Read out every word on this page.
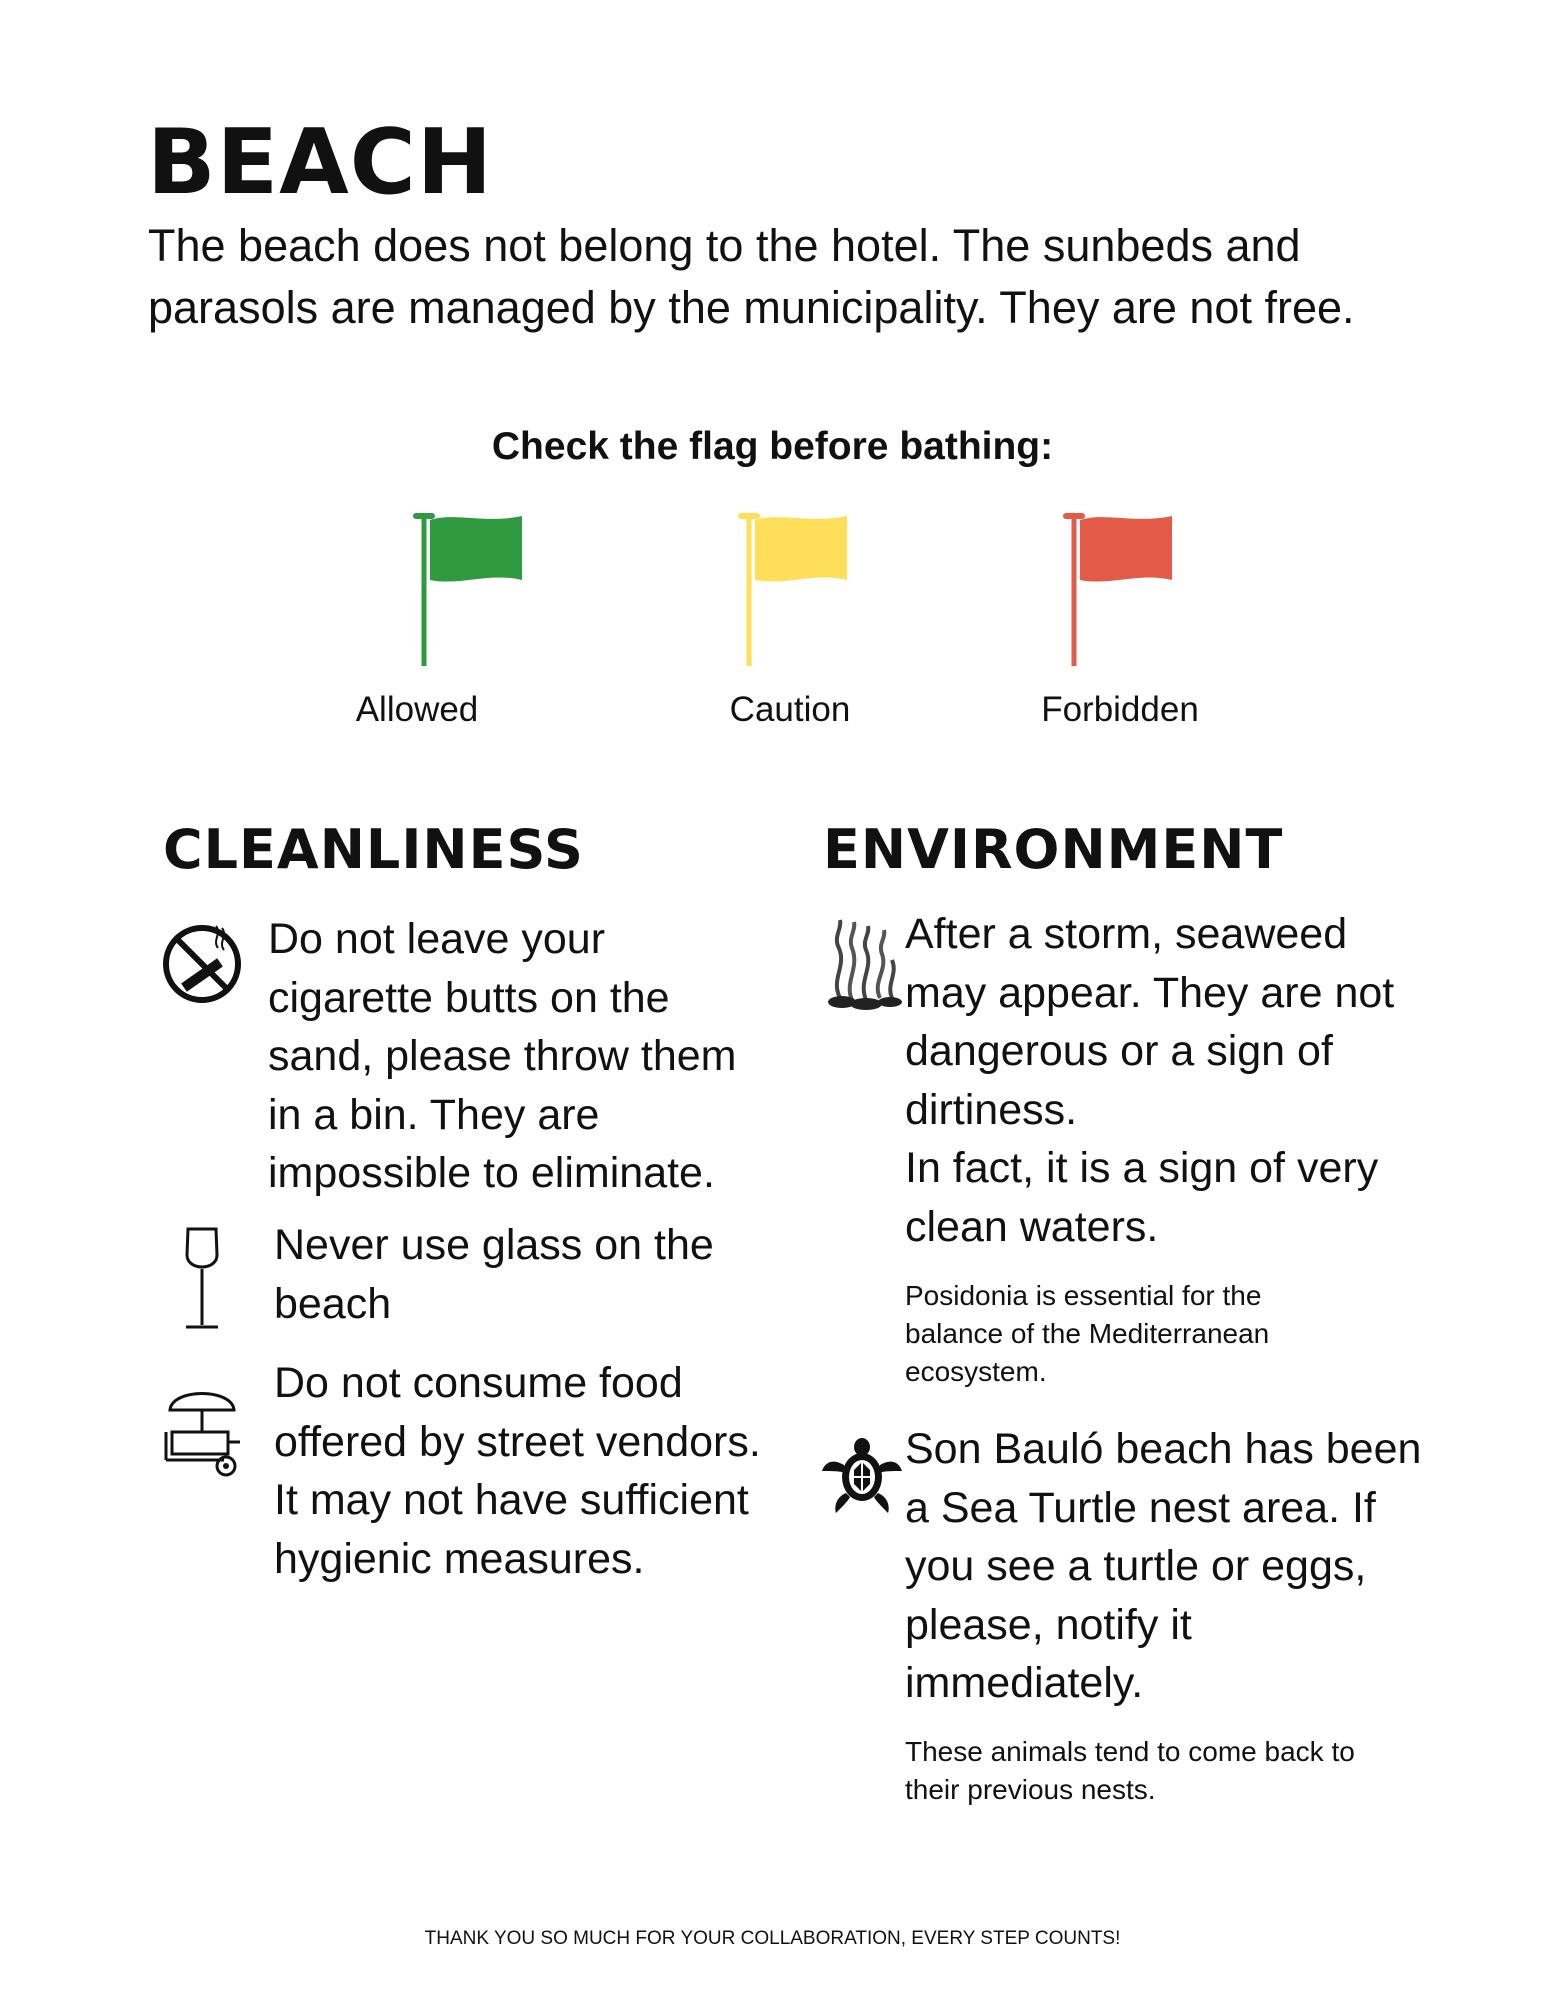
BEACH
The beach does not belong to the hotel. The sunbeds and parasols are managed by the municipality. They are not free.
Check the flag before bathing:
Allowed	Caution	Forbidden
CLEANLINESS
Do not leave your cigarette butts on the sand, please throw them in a bin. They are impossible to eliminate.
Never use glass on the beach
Do not consume food offered by street vendors. It may not have sufficient hygienic measures.
ENVIRONMENT
After a storm, seaweed may appear. They are not dangerous or a sign of dirtiness.
In fact, it is a sign of very clean waters.
Posidonia is essential for the balance of the Mediterranean ecosystem.
Son Bauló beach has been a Sea Turtle nest area. If you see a turtle or eggs, please, notify it immediately.
These animals tend to come back to their previous nests.
THANK YOU SO MUCH FOR YOUR COLLABORATION, EVERY STEP COUNTS!
